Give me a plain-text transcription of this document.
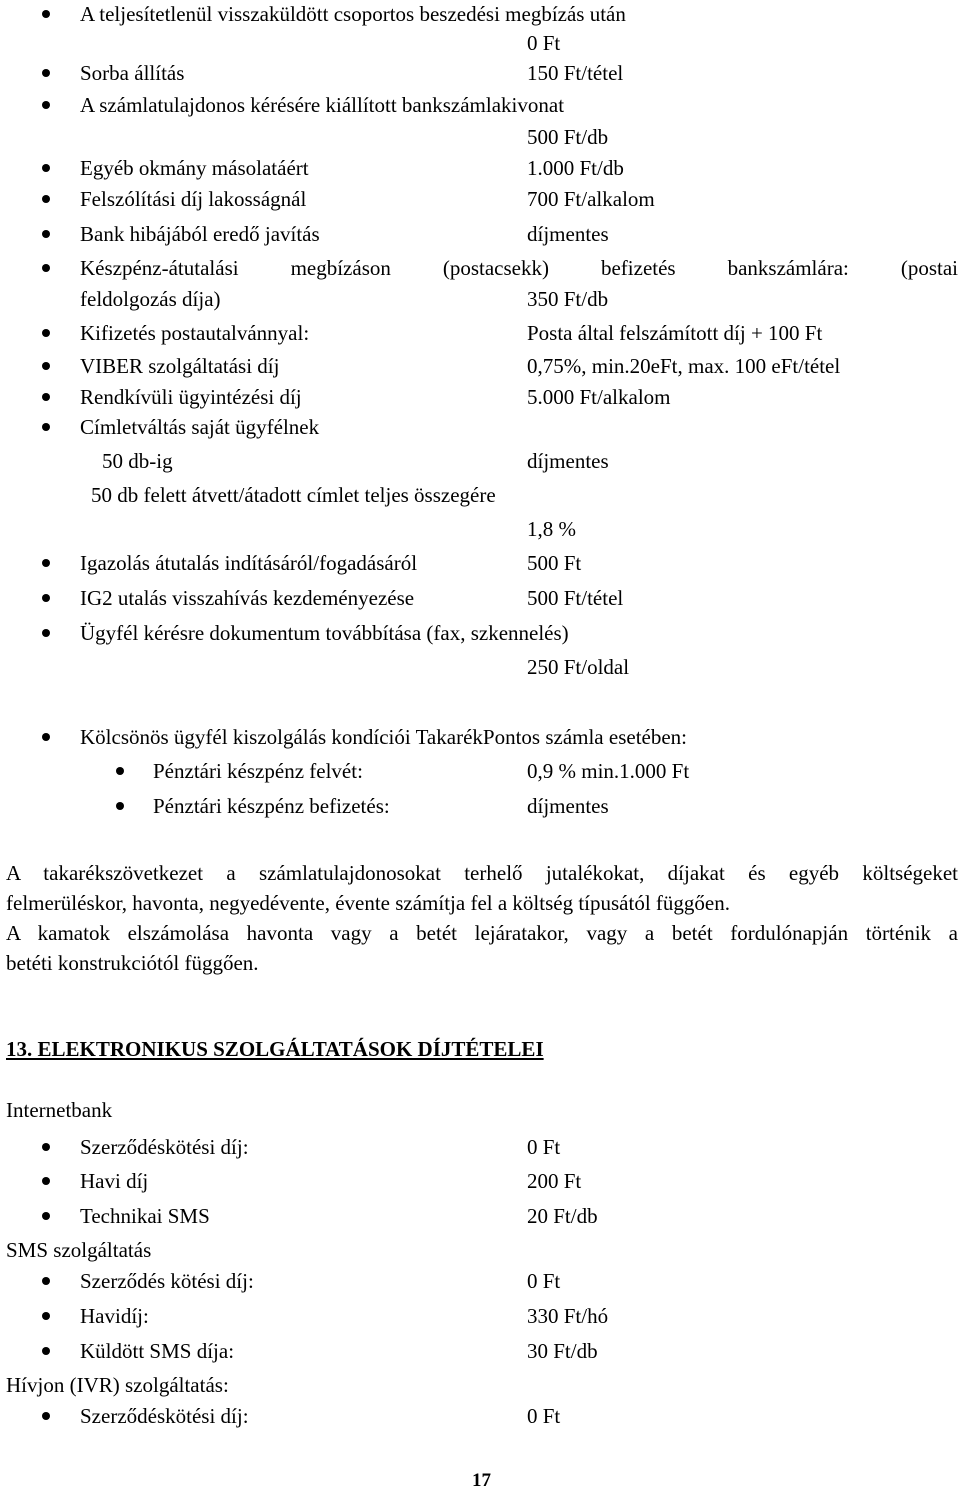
A teljesítetlenül visszaküldött csoportos beszedési megbízás után
0 Ft
Sorba állítás	150 Ft/tétel
A számlatulajdonos kérésére kiállított bankszámlakivonat
500 Ft/db
Egyéb okmány másolatáért	1.000 Ft/db
Felszólítási díj lakosságnál	700 Ft/alkalom
Bank hibájából eredő javítás	díjmentes
Készpénz-átutalási megbízáson (postacsekk) befizetés bankszámlára: (postai
feldolgozás díja)	350 Ft/db
Kifizetés postautalvánnyal:	Posta által felszámított díj + 100 Ft
VIBER szolgáltatási díj	0,75%, min.20eFt, max. 100 eFt/tétel
Rendkívüli ügyintézési díj	5.000 Ft/alkalom
Címletváltás saját ügyfélnek
50 db-ig	díjmentes
50 db felett átvett/átadott címlet teljes összegére
1,8 %
Igazolás átutalás indításáról/fogadásáról	500 Ft
IG2 utalás visszahívás kezdeményezése	500 Ft/tétel
Ügyfél kérésre dokumentum továbbítása (fax, szkennelés)
250 Ft/oldal
Kölcsönös ügyfél kiszolgálás kondíciói TakarékPontos számla esetében:
Pénztári készpénz felvét:	0,9 % min.1.000 Ft
Pénztári készpénz befizetés:	díjmentes
A takarékszövetkezet a számlatulajdonosokat terhelő jutalékokat, díjakat és egyéb költségeket
felmerüléskor, havonta, negyedévente, évente számítja fel a költség típusától függően.
A kamatok elszámolása havonta vagy a betét lejáratakor, vagy a betét fordulónapján történik a
betéti konstrukciótól függően.
13. ELEKTRONIKUS SZOLGÁLTATÁSOK DÍJTÉTELEI
Internetbank
Szerződéskötési díj:	0 Ft
Havi díj	200 Ft
Technikai SMS	20 Ft/db
SMS szolgáltatás
Szerződés kötési díj:	0 Ft
Havidíj:	330 Ft/hó
Küldött SMS díja:	30 Ft/db
Hívjon (IVR) szolgáltatás:
Szerződéskötési díj:	0 Ft
17
